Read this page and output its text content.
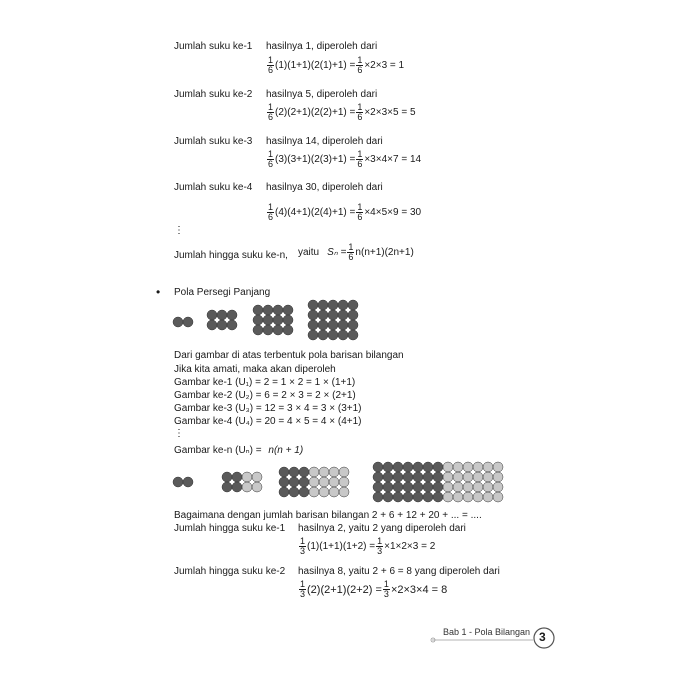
Jumlah suku ke-1 hasilnya 1, diperoleh dari
$\frac{1}{6} (1)(1+1)(2(1)+1) = \frac{1}{6} \times 2\times 3 = 1$
Jumlah suku ke-2 hasilnya 5, diperoleh dari
$\frac{1}{6} (2)(2+1)(2(2)+1) = \frac{1}{6} \times 2\times 3\times 5 = 5$
Jumlah suku ke-3 hasilnya 14, diperoleh dari
$\frac{1}{6} (3)(3+1)(2(3)+1) = \frac{1}{6} \times 3\times 4\times 7 = 14$
Jumlah suku ke-4 hasilnya 30, diperoleh dari
$\frac{1}{6} (4)(4+1)(2(4)+1) = \frac{1}{6} \times 4\times 5\times 9 = 30$
⋮
Jumlah hingga suku ke-n, yaitu $S_n = \frac{1}{6} n(n+1)(2n+1)$
• Pola Persegi Panjang
Dari gambar di atas terbentuk pola barisan bilangan
Jika kita amati, maka akan diperoleh
Gambar ke-1 (U₁) = 2 = 1 × 2 = 1 × (1+1)
Gambar ke-2 (U₂) = 6 = 2 × 3 = 2 × (2+1)
Gambar ke-3 (U₃) = 12 = 3 × 4 = 3 × (3+1)
Gambar ke-4 (U₄) = 20 = 4 × 5 = 4 × (4+1)
⋮
Gambar ke-n (Uₙ) = n(n + 1)
Bagaimana dengan jumlah barisan bilangan 2 + 6 + 12 + 20 + ... = ....
Jumlah hingga suku ke-1 hasilnya 2, yaitu 2 yang diperoleh dari
$\frac{1}{3} (1)(1+1)(1+2) = \frac{1}{3} \times 1\times 2\times 3 = 2$
Jumlah hingga suku ke-2 hasilnya 8, yaitu 2 + 6 = 8 yang diperoleh dari
$\frac{1}{3} (2)(2+1)(2+2) = \frac{1}{3} \times 2\times 3\times 4 = 8$
Bab 1 - Pola Bilangan 3
